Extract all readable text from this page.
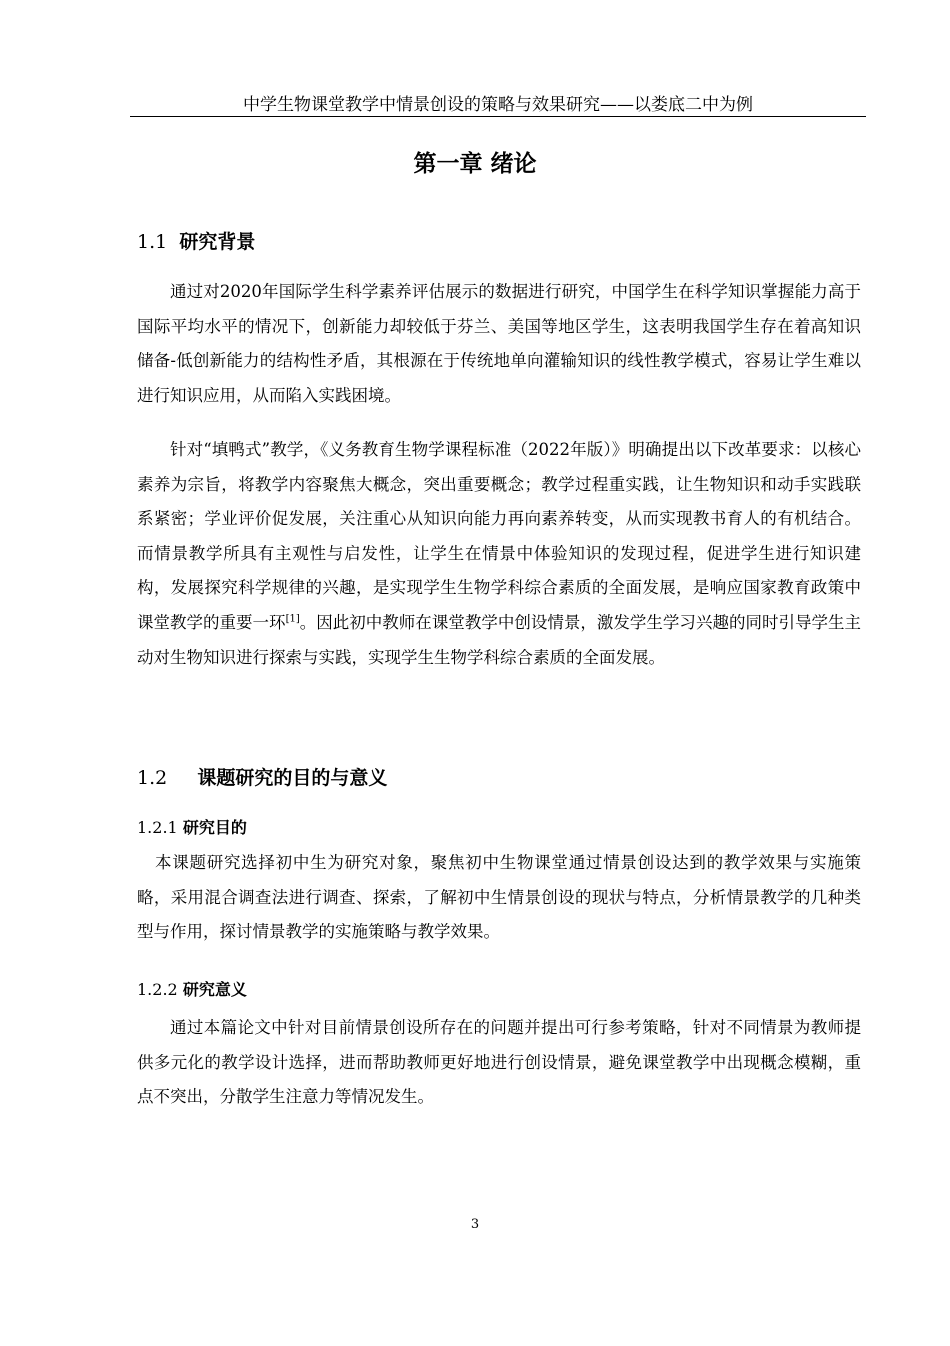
中学生物课堂教学中情景创设的策略与效果研究——以娄底二中为例
第一章 绪论
1.1 研究背景

通过对2020年国际学生科学素养评估展示的数据进行研究，中国学生在科学知识掌握能力高于国际平均水平的情况下，创新能力却较低于芬兰、美国等地区学生，这表明我国学生存在着高知识储备-低创新能力的结构性矛盾，其根源在于传统地单向灌输知识的线性教学模式，容易让学生难以进行知识应用，从而陷入实践困境。

针对“填鸭式”教学，《义务教育生物学课程标准（2022年版）》明确提出以下改革要求：以核心素养为宗旨，将教学内容聚焦大概念，突出重要概念；教学过程重实践，让生物知识和动手实践联系紧密；学业评价促发展，关注重心从知识向能力再向素养转变，从而实现教书育人的有机结合。而情景教学所具有主观性与启发性，让学生在情景中体验知识的发现过程，促进学生进行知识建构，发展探究科学规律的兴趣，是实现学生生物学科综合素质的全面发展，是响应国家教育政策中课堂教学的重要一环[1]。因此初中教师在课堂教学中创设情景，激发学生学习兴趣的同时引导学生主动对生物知识进行探索与实践，实现学生生物学科综合素质的全面发展。

1.2 课题研究的目的与意义
1.2.1 研究目的

本课题研究选择初中生为研究对象，聚焦初中生物课堂通过情景创设达到的教学效果与实施策略，采用混合调查法进行调查、探索，了解初中生情景创设的现状与特点，分析情景教学的几种类型与作用，探讨情景教学的实施策略与教学效果。

1.2.2 研究意义

通过本篇论文中针对目前情景创设所存在的问题并提出可行参考策略，针对不同情景为教师提供多元化的教学设计选择，进而帮助教师更好地进行创设情景，避免课堂教学中出现概念模糊，重点不突出，分散学生注意力等情况发生。

3
